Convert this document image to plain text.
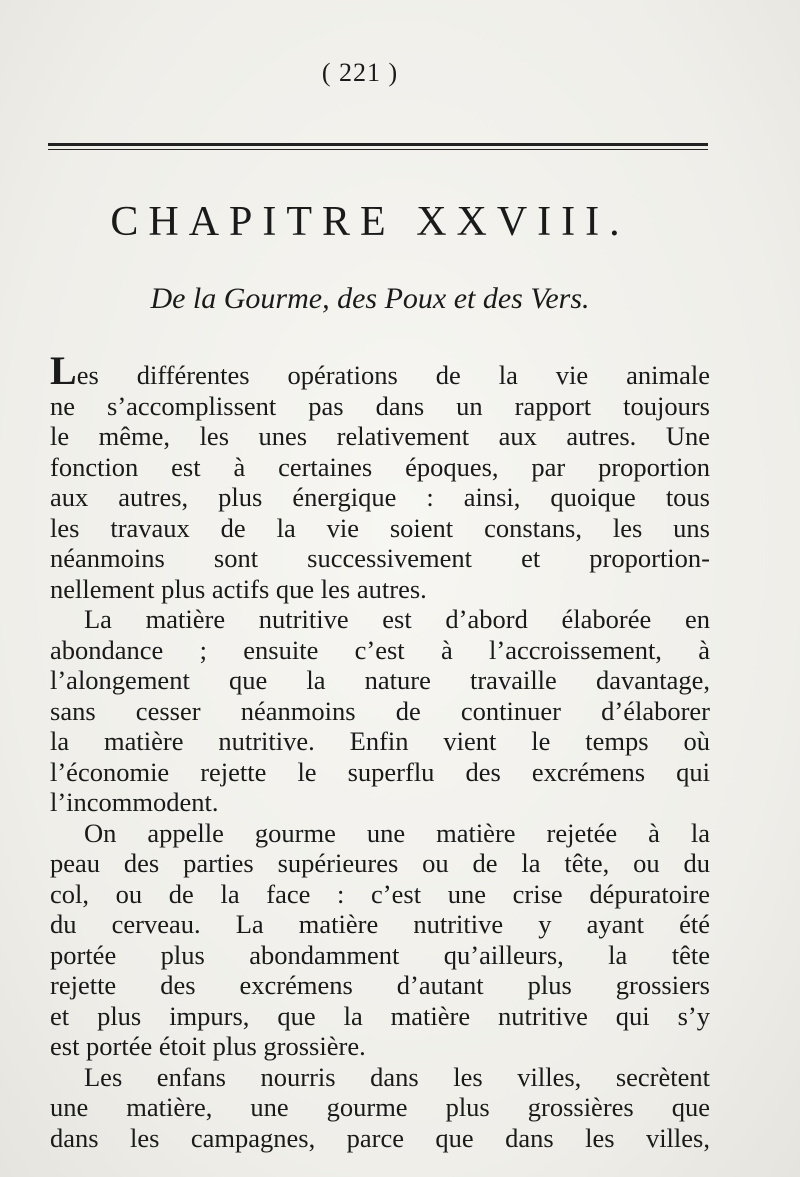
( 221 )
CHAPITRE XXVIII.
De la Gourme, des Poux et des Vers.
Les différentes opérations de la vie animale
ne s’accomplissent pas dans un rapport toujours
le même, les unes relativement aux autres. Une
fonction est à certaines époques, par proportion
aux autres, plus énergique : ainsi, quoique tous
les travaux de la vie soient constans, les uns
néanmoins sont successivement et proportion-
nellement plus actifs que les autres.
La matière nutritive est d’abord élaborée en
abondance ; ensuite c’est à l’accroissement, à
l’alongement que la nature travaille davantage,
sans cesser néanmoins de continuer d’élaborer
la matière nutritive. Enfin vient le temps où
l’économie rejette le superflu des excrémens qui
l’incommodent.
On appelle gourme une matière rejetée à la
peau des parties supérieures ou de la tête, ou du
col, ou de la face : c’est une crise dépuratoire
du cerveau. La matière nutritive y ayant été
portée plus abondamment qu’ailleurs, la tête
rejette des excrémens d’autant plus grossiers
et plus impurs, que la matière nutritive qui s’y
est portée étoit plus grossière.
Les enfans nourris dans les villes, secrètent
une matière, une gourme plus grossières que
dans les campagnes, parce que dans les villes,
